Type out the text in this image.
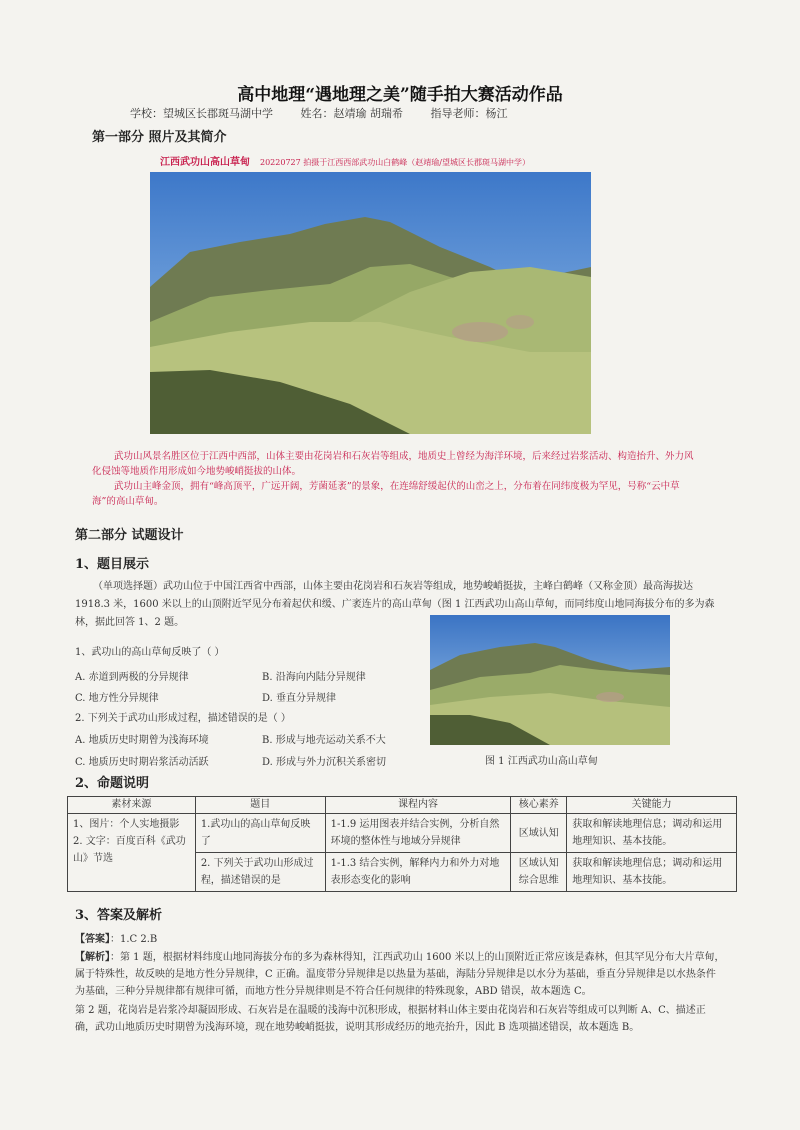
高中地理“遇地理之美”随手拍大赛活动作品
学校：望城区长郡斑马湖中学	姓名：赵靖瑜 胡瑞希	指导老师：杨江
第一部分 照片及其简介
江西武功山高山草甸 20220727 拍摄于江西西部武功山白鹤峰（赵靖瑜/望城区长郡斑马湖中学）

武功山风景名胜区位于江西中西部，山体主要由花岗岩和石灰岩等组成，地质史上曾经为海洋环境，后来经过岩浆活动、构造抬升、外力风化侵蚀等地质作用形成如今地势峻峭挺拔的山体。

武功山主峰金顶，拥有“峰高顶平，广远开阔，芳菌延袤”的景象，在连绵舒缓起伏的山峦之上，分布着在同纬度极为罕见，号称“云中草海”的高山草甸。

第二部分 试题设计
1、题目展示
（单项选择题）武功山位于中国江西省中西部，山体主要由花岗岩和石灰岩等组成，地势峻峭挺拔，主峰白鹤峰（又称金顶）最高海拔达 1918.3 米，1600 米以上的山顶附近罕见分布着起伏和缓、广袤连片的高山草甸（图 1 江西武功山高山草甸，而同纬度山地同海拔分布的多为森林，据此回答 1、2 题。
1、武功山的高山草甸反映了（ ）
A. 赤道到两极的分异规律	B. 沿海向内陆分异规律
C. 地方性分异规律	D. 垂直分异规律
2. 下列关于武功山形成过程，描述错误的是（ ）
A. 地质历史时期曾为浅海环境	B. 形成与地壳运动关系不大
C. 地质历史时期岩浆活动活跃	D. 形成与外力沉积关系密切	图 1 江西武功山高山草甸
2、命题说明
素材来源	题目	课程内容	核心素养	关键能力

1、图片：个人实地摄影
2. 文字：百度百科《武功山》节选	1.武功山的高山草甸反映了	1-1.9 运用图表并结合实例，分析自然环境的整体性与地域分异规律	区域认知	获取和解读地理信息；调动和运用地理知识、基本技能。
	2. 下列关于武功山形成过程，描述错误的是	1-1.3 结合实例，解释内力和外力对地表形态变化的影响	区域认知 综合思维	获取和解读地理信息；调动和运用地理知识、基本技能。
3、答案及解析
【答案】：1.C 2.B

【解析】：第 1 题，根据材料纬度山地同海拔分布的多为森林得知，江西武功山 1600 米以上的山顶附近正常应该是森林，但其罕见分布大片草甸，属于特殊性，故反映的是地方性分异规律，C 正确。温度带分异规律是以热量为基础，海陆分异规律是以水分为基础，垂直分异规律是以水热条件为基础，三种分异规律都有规律可循，而地方性分异规律则是不符合任何规律的特殊现象，ABD 错误，故本题选 C。

第 2 题，花岗岩是岩浆冷却凝固形成、石灰岩是在温暖的浅海中沉积形成，根据材料山体主要由花岗岩和石灰岩等组成可以判断 A、C、描述正确，武功山地质历史时期曾为浅海环境，现在地势峻峭挺拔，说明其形成经历的地壳抬升，因此 B 选项描述错误，故本题选 B。
